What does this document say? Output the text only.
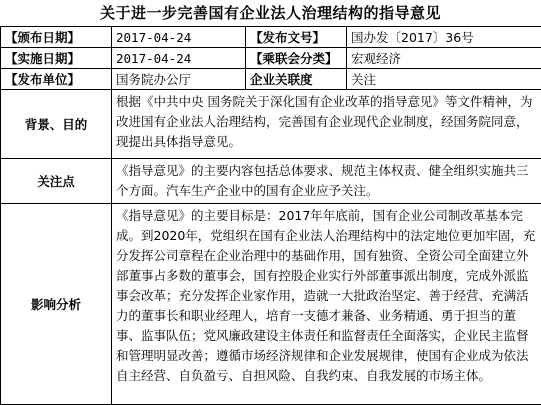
关于进一步完善国有企业法人治理结构的指导意见
【颁布日期】	2017-04-24	【发布文号】	国办发〔2017〕36号
【实施日期】	2017-04-24	【乘联会分类】	宏观经济
【发布单位】	国务院办公厅	企业关联度	关注
背景、目的	根据《中共中央 国务院关于深化国有企业改革的指导意见》等文件精神，为改进国有企业法人治理结构，完善国有企业现代企业制度，经国务院同意，现提出具体指导意见。		
关注点	《指导意见》的主要内容包括总体要求、规范主体权责、健全组织实施共三个方面。汽车生产企业中的国有企业应予关注。		
影响分析	《指导意见》的主要目标是：2017年年底前，国有企业公司制改革基本完成。到2020年，党组织在国有企业法人治理结构中的法定地位更加牢固，充分发挥公司章程在企业治理中的基础作用，国有独资、全资公司全面建立外部董事占多数的董事会，国有控股企业实行外部董事派出制度，完成外派监事会改革；充分发挥企业家作用，造就一大批政治坚定、善于经营、充满活力的董事长和职业经理人，培育一支德才兼备、业务精通、勇于担当的董事、监事队伍；党风廉政建设主体责任和监督责任全面落实，企业民主监督和管理明显改善；遵循市场经济规律和企业发展规律，使国有企业成为依法自主经营、自负盈亏、自担风险、自我约束、自我发展的市场主体。		
